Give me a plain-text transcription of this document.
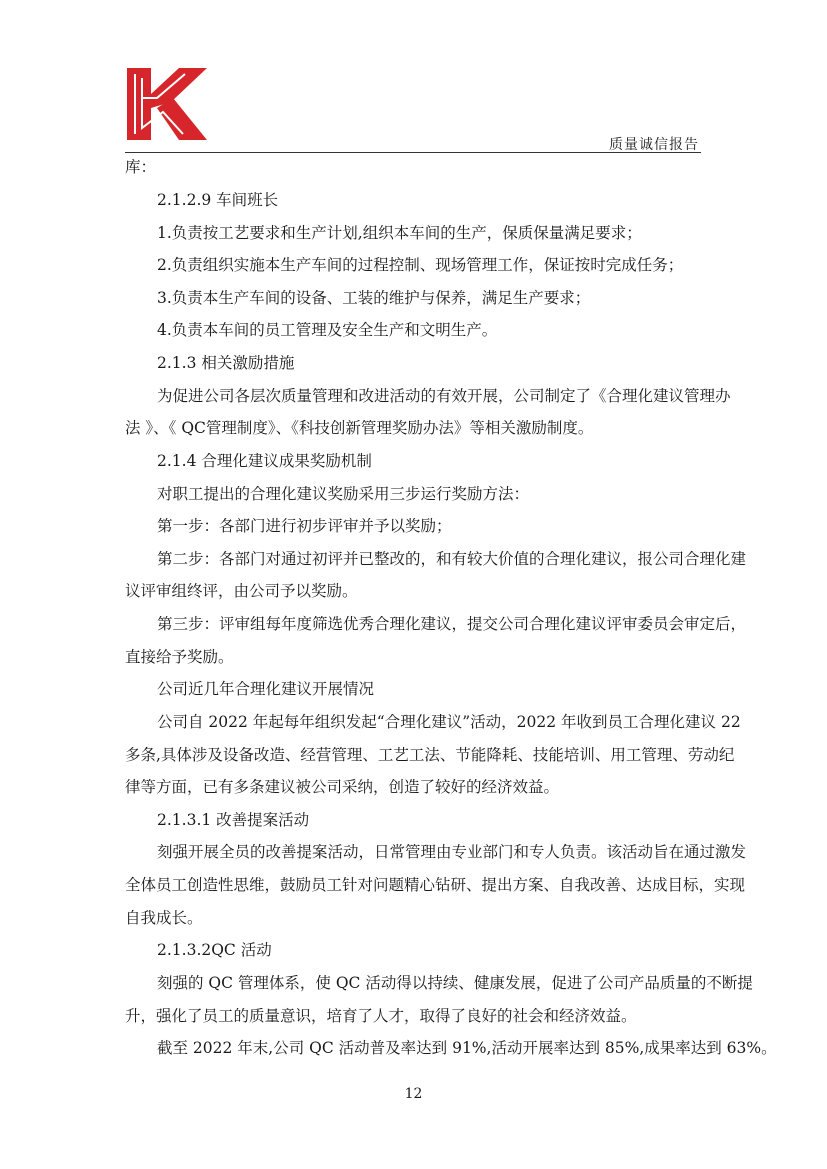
质量诚信报告
库：
2.1.2.9 车间班长
1.负责按工艺要求和生产计划,组织本车间的生产，保质保量满足要求；
2.负责组织实施本生产车间的过程控制、现场管理工作，保证按时完成任务；
3.负责本生产车间的设备、工装的维护与保养，满足生产要求；
4.负责本车间的员工管理及安全生产和文明生产。
2.1.3 相关激励措施
为促进公司各层次质量管理和改进活动的有效开展，公司制定了《合理化建议管理办
法 》、《 QC管理制度》、《科技创新管理奖励办法》等相关激励制度。
2.1.4 合理化建议成果奖励机制
对职工提出的合理化建议奖励采用三步运行奖励方法：
第一步：各部门进行初步评审并予以奖励；
第二步：各部门对通过初评并已整改的，和有较大价值的合理化建议，报公司合理化建
议评审组终评，由公司予以奖励。
第三步：评审组每年度筛选优秀合理化建议，提交公司合理化建议评审委员会审定后，
直接给予奖励。
公司近几年合理化建议开展情况
公司自 2022 年起每年组织发起“合理化建议”活动，2022 年收到员工合理化建议 22
多条,具体涉及设备改造、经营管理、工艺工法、节能降耗、技能培训、用工管理、劳动纪
律等方面，已有多条建议被公司采纳，创造了较好的经济效益。
2.1.3.1 改善提案活动
刻强开展全员的改善提案活动，日常管理由专业部门和专人负责。该活动旨在通过激发
全体员工创造性思维，鼓励员工针对问题精心钻研、提出方案、自我改善、达成目标，实现
自我成长。
2.1.3.2QC 活动
刻强的 QC 管理体系，使 QC 活动得以持续、健康发展，促进了公司产品质量的不断提
升，强化了员工的质量意识，培育了人才，取得了良好的社会和经济效益。
截至 2022 年末,公司 QC 活动普及率达到 91%,活动开展率达到 85%,成果率达到 63%。
12
